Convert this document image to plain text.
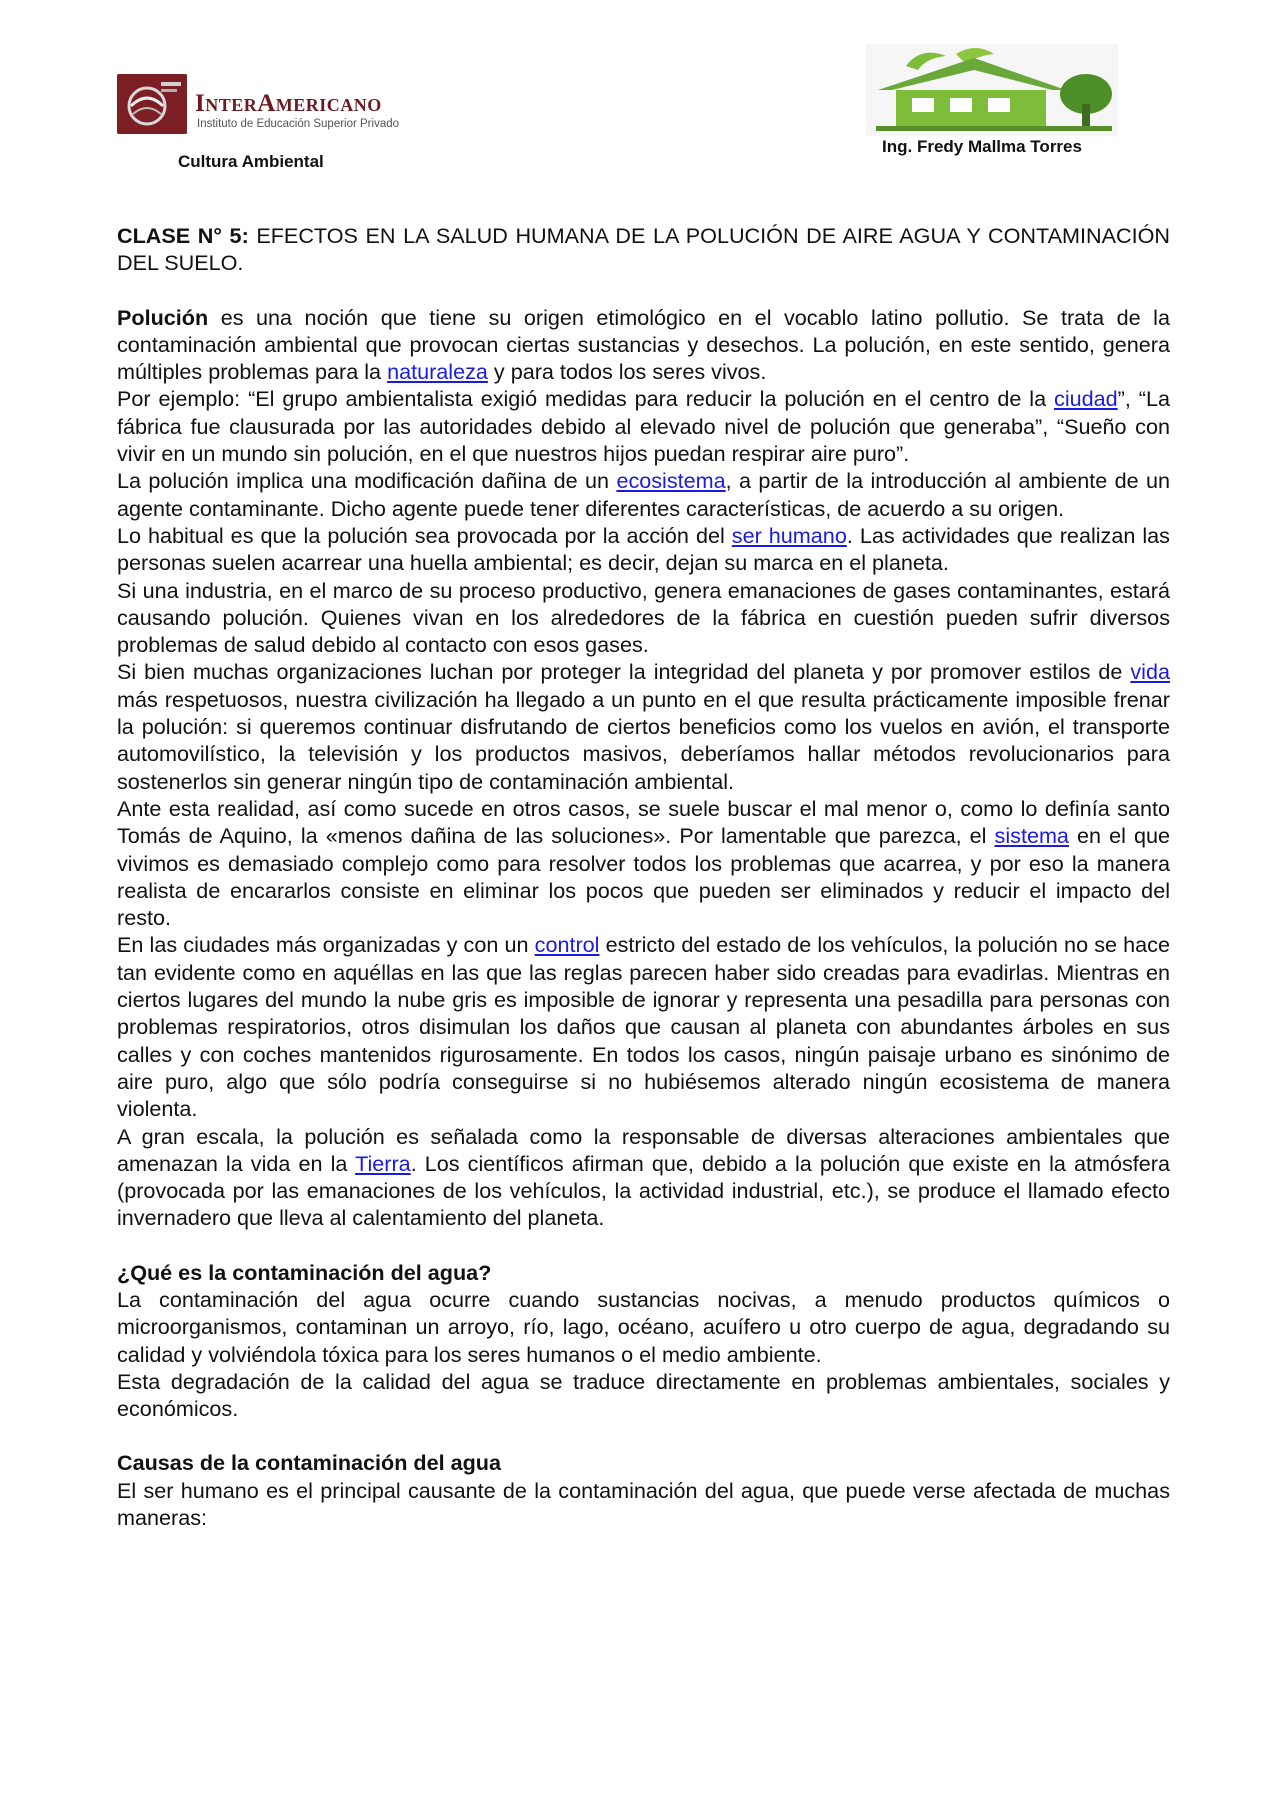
InterAmericano
Instituto de Educación Superior Privado
Cultura Ambiental
Ing. Fredy Mallma Torres

CLASE N° 5: EFECTOS EN LA SALUD HUMANA DE LA POLUCIÓN DE AIRE AGUA Y CONTAMINACIÓN DEL SUELO.

Polución es una noción que tiene su origen etimológico en el vocablo latino pollutio. Se trata de la contaminación ambiental que provocan ciertas sustancias y desechos. La polución, en este sentido, genera múltiples problemas para la naturaleza y para todos los seres vivos.

Por ejemplo: “El grupo ambientalista exigió medidas para reducir la polución en el centro de la ciudad”, “La fábrica fue clausurada por las autoridades debido al elevado nivel de polución que generaba”, “Sueño con vivir en un mundo sin polución, en el que nuestros hijos puedan respirar aire puro”.

La polución implica una modificación dañina de un ecosistema, a partir de la introducción al ambiente de un agente contaminante. Dicho agente puede tener diferentes características, de acuerdo a su origen.

Lo habitual es que la polución sea provocada por la acción del ser humano. Las actividades que realizan las personas suelen acarrear una huella ambiental; es decir, dejan su marca en el planeta.

Si una industria, en el marco de su proceso productivo, genera emanaciones de gases contaminantes, estará causando polución. Quienes vivan en los alrededores de la fábrica en cuestión pueden sufrir diversos problemas de salud debido al contacto con esos gases.

Si bien muchas organizaciones luchan por proteger la integridad del planeta y por promover estilos de vida más respetuosos, nuestra civilización ha llegado a un punto en el que resulta prácticamente imposible frenar la polución: si queremos continuar disfrutando de ciertos beneficios como los vuelos en avión, el transporte automovilístico, la televisión y los productos masivos, deberíamos hallar métodos revolucionarios para sostenerlos sin generar ningún tipo de contaminación ambiental.

Ante esta realidad, así como sucede en otros casos, se suele buscar el mal menor o, como lo definía santo Tomás de Aquino, la «menos dañina de las soluciones». Por lamentable que parezca, el sistema en el que vivimos es demasiado complejo como para resolver todos los problemas que acarrea, y por eso la manera realista de encararlos consiste en eliminar los pocos que pueden ser eliminados y reducir el impacto del resto.

En las ciudades más organizadas y con un control estricto del estado de los vehículos, la polución no se hace tan evidente como en aquéllas en las que las reglas parecen haber sido creadas para evadirlas. Mientras en ciertos lugares del mundo la nube gris es imposible de ignorar y representa una pesadilla para personas con problemas respiratorios, otros disimulan los daños que causan al planeta con abundantes árboles en sus calles y con coches mantenidos rigurosamente. En todos los casos, ningún paisaje urbano es sinónimo de aire puro, algo que sólo podría conseguirse si no hubiésemos alterado ningún ecosistema de manera violenta.

A gran escala, la polución es señalada como la responsable de diversas alteraciones ambientales que amenazan la vida en la Tierra. Los científicos afirman que, debido a la polución que existe en la atmósfera (provocada por las emanaciones de los vehículos, la actividad industrial, etc.), se produce el llamado efecto invernadero que lleva al calentamiento del planeta.

¿Qué es la contaminación del agua?

La contaminación del agua ocurre cuando sustancias nocivas, a menudo productos químicos o microorganismos, contaminan un arroyo, río, lago, océano, acuífero u otro cuerpo de agua, degradando su calidad y volviéndola tóxica para los seres humanos o el medio ambiente.

Esta degradación de la calidad del agua se traduce directamente en problemas ambientales, sociales y económicos.

Causas de la contaminación del agua

El ser humano es el principal causante de la contaminación del agua, que puede verse afectada de muchas maneras:
